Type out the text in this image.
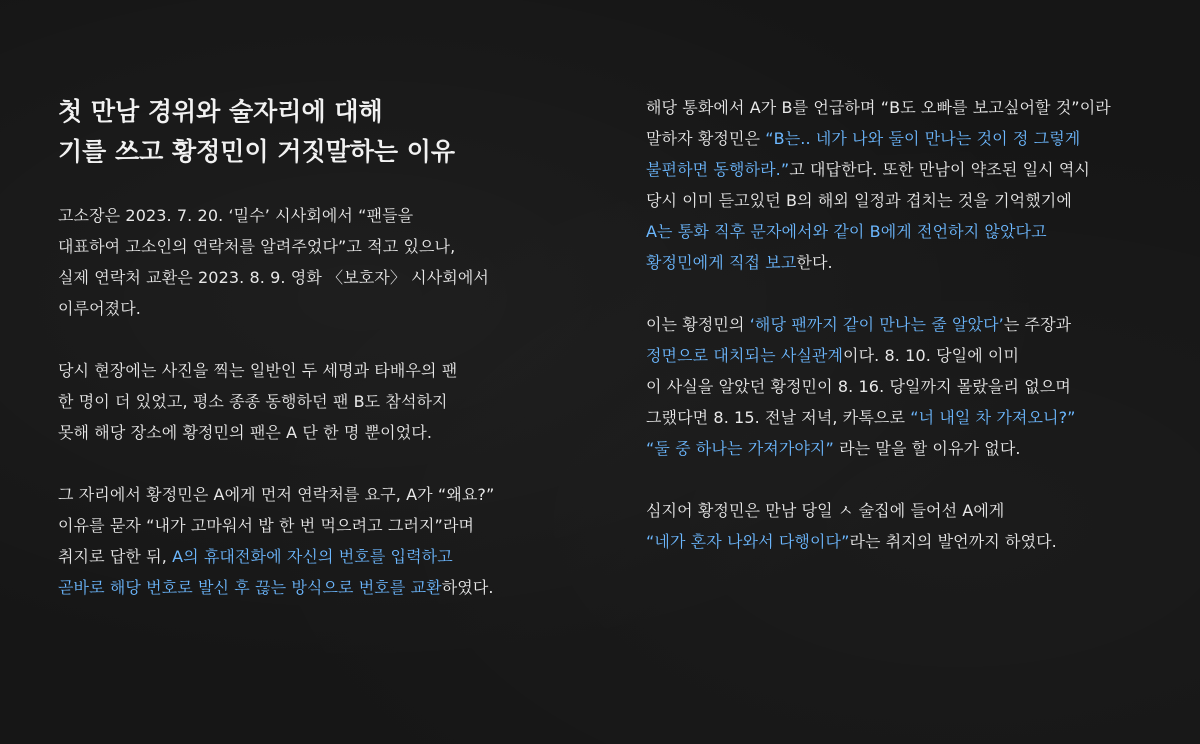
첫 만남 경위와 술자리에 대해
기를 쓰고 황정민이 거짓말하는 이유
고소장은 2023. 7. 20. ‘밀수’ 시사회에서 “팬들을
대표하여 고소인의 연락처를 알려주었다”고 적고 있으나,
실제 연락처 교환은 2023. 8. 9. 영화 〈보호자〉 시사회에서
이루어졌다.
당시 현장에는 사진을 찍는 일반인 두 세명과 타배우의 팬
한 명이 더 있었고, 평소 종종 동행하던 팬 B도 참석하지
못해 해당 장소에 황정민의 팬은 A 단 한 명 뿐이었다.
그 자리에서 황정민은 A에게 먼저 연락처를 요구, A가 “왜요?”
이유를 묻자 “내가 고마워서 밥 한 번 먹으려고 그러지”라며
취지로 답한 뒤, A의 휴대전화에 자신의 번호를 입력하고
곧바로 해당 번호로 발신 후 끊는 방식으로 번호를 교환하였다.
해당 통화에서 A가 B를 언급하며 “B도 오빠를 보고싶어할 것”이라
말하자 황정민은 “B는.. 네가 나와 둘이 만나는 것이 정 그렇게
불편하면 동행하라.”고 대답한다. 또한 만남이 약조된 일시 역시
당시 이미 듣고있던 B의 해외 일정과 겹치는 것을 기억했기에
A는 통화 직후 문자에서와 같이 B에게 전언하지 않았다고
황정민에게 직접 보고한다.
이는 황정민의 ‘해당 팬까지 같이 만나는 줄 알았다’는 주장과
정면으로 대치되는 사실관계이다. 8. 10. 당일에 이미
이 사실을 알았던 황정민이 8. 16. 당일까지 몰랐을리 없으며
그랬다면 8. 15. 전날 저녁, 카톡으로 “너 내일 차 가져오니?”
“둘 중 하나는 가져가야지” 라는 말을 할 이유가 없다.
심지어 황정민은 만남 당일 ㅅ 술집에 들어선 A에게
“네가 혼자 나와서 다행이다”라는 취지의 발언까지 하였다.
